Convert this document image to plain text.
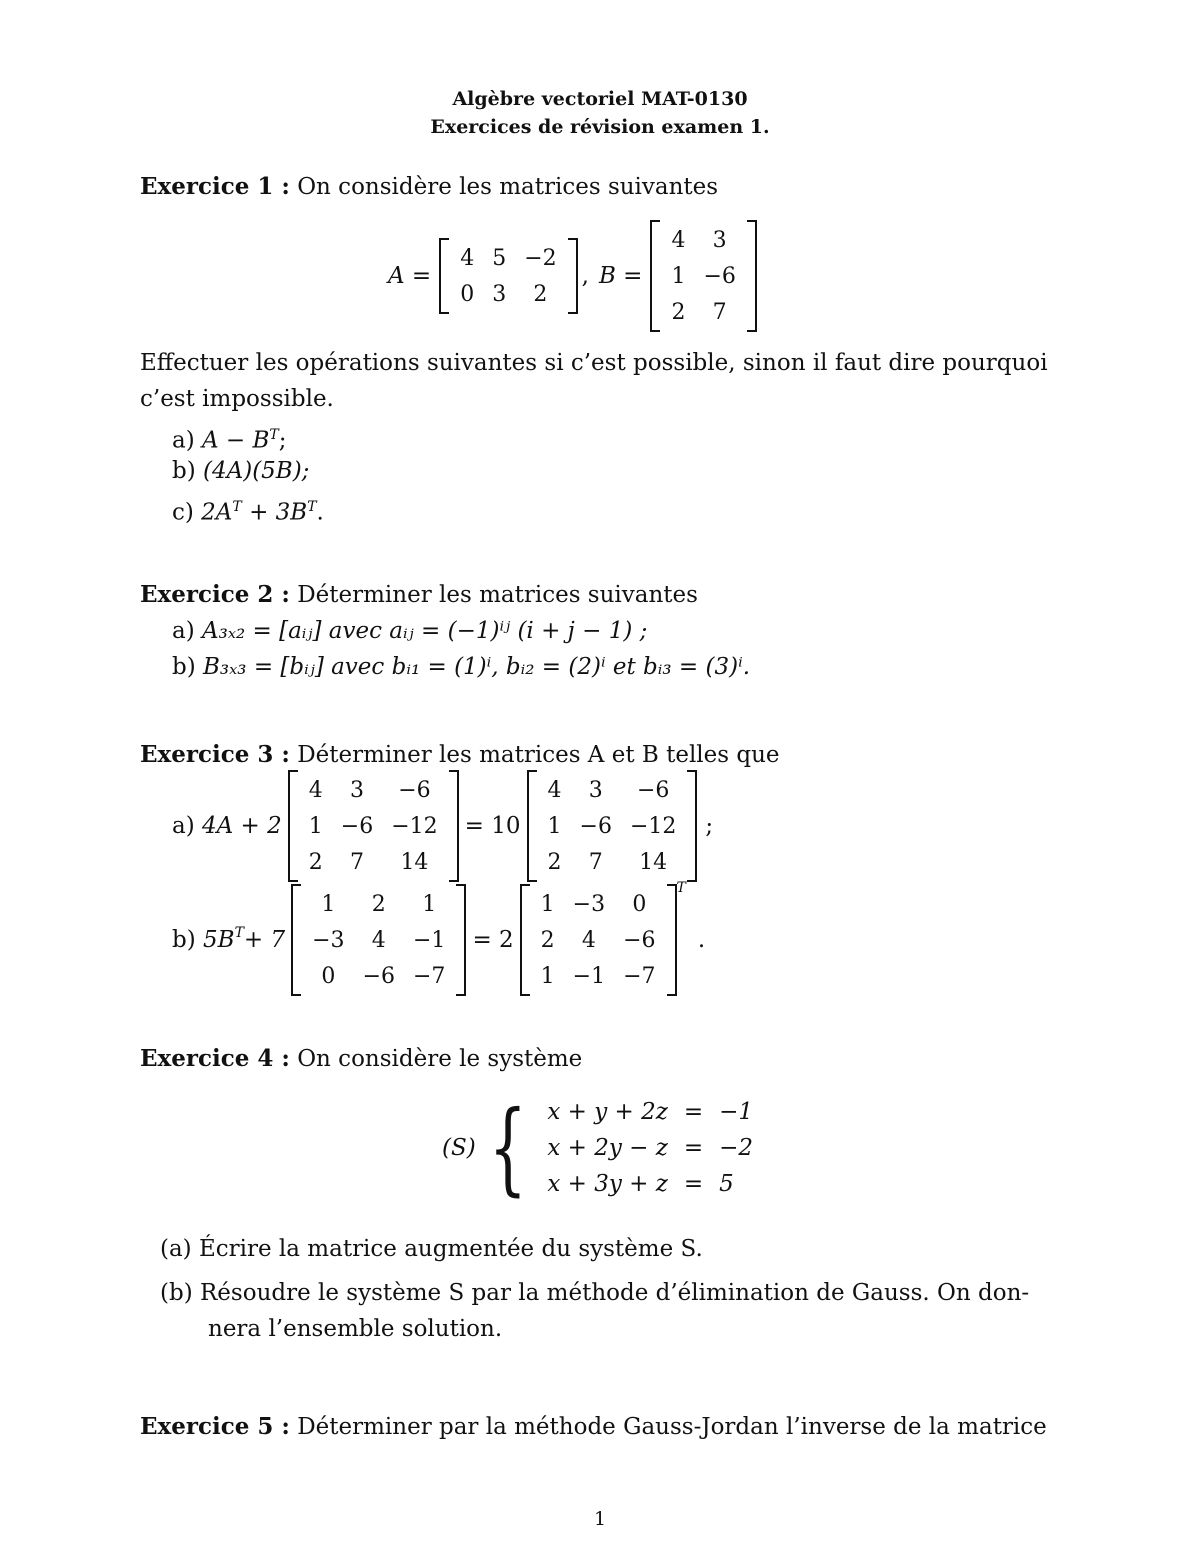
Algèbre vectoriel MAT-0130
Exercices de révision examen 1.
Exercice 1 : On considère les matrices suivantes
A =
4	5	−2
0	3	2
, B =
4	3
1	−6
2	7
Effectuer les opérations suivantes si c’est possible, sinon il faut dire pourquoi
c’est impossible.
a) $A - B^T$;
b) (4A)(5B);
c) $2A^T + 3B^T$.
Exercice 2 : Déterminer les matrices suivantes
a) A₃ₓ₂ = [aᵢⱼ] avec aᵢⱼ = (−1)ⁱʲ (i + j − 1) ;
b) B₃ₓ₃ = [bᵢⱼ] avec bᵢ₁ = (1)ⁱ, bᵢ₂ = (2)ⁱ et bᵢ₃ = (3)ⁱ.
Exercice 3 : Déterminer les matrices A et B telles que
a)
4A + 2
4	3	−6
1	−6	−12
2	7	14
= 10
4	3	−6
1	−6	−12
2	7	14
;
b)
$5B^T + 7$
1	2	1
−3	4	−1
0	−6	−7
= 2
1	−3	0
2	4	−6
1	−1	−7
$^T$
.
Exercice 4 : On considère le système
(S) { x + y + 2z	=	−1
x + 2y − z	=	−2
x + 3y + z	=	5
(a) Écrire la matrice augmentée du système S.
(b) Résoudre le système S par la méthode d’élimination de Gauss. On don-
nera l’ensemble solution.
Exercice 5 : Déterminer par la méthode Gauss-Jordan l’inverse de la matrice
1
